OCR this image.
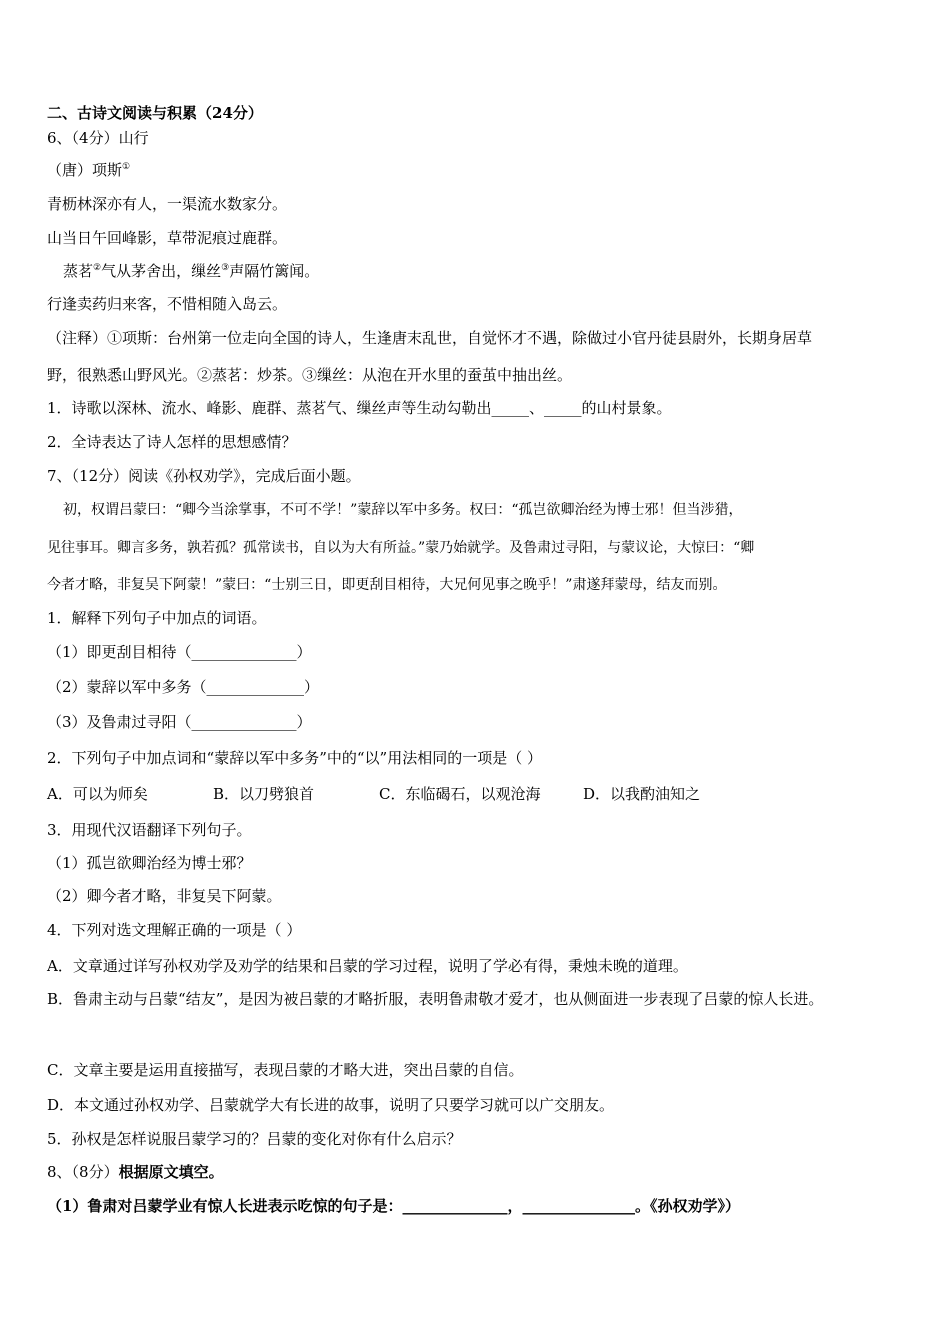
二、古诗文阅读与积累（24分）
6、（4分）山行
（唐）项斯①
青枥林深亦有人，一渠流水数家分。
山当日午回峰影，草带泥痕过鹿群。
蒸茗②气从茅舍出，缫丝③声隔竹篱闻。
行逢卖药归来客，不惜相随入岛云。
（注释）①项斯：台州第一位走向全国的诗人，生逢唐末乱世，自觉怀才不遇，除做过小官丹徒县尉外，长期身居草
野，很熟悉山野风光。②蒸茗：炒茶。③缫丝：从泡在开水里的蚕茧中抽出丝。
1．诗歌以深林、流水、峰影、鹿群、蒸茗气、缫丝声等生动勾勒出_____、_____的山村景象。
2．全诗表达了诗人怎样的思想感情？
7、（12分）阅读《孙权劝学》，完成后面小题。
初，权谓吕蒙曰：“卿今当涂掌事，不可不学！”蒙辞以军中多务。权曰：“孤岂欲卿治经为博士邪！但当涉猎，
见往事耳。卿言多务，孰若孤？孤常读书，自以为大有所益。”蒙乃始就学。及鲁肃过寻阳，与蒙议论，大惊曰：“卿
今者才略，非复吴下阿蒙！”蒙曰：“士别三日，即更刮目相待，大兄何见事之晚乎！”肃遂拜蒙母，结友而别。
1．解释下列句子中加点的词语。
（1）即更刮目相待（______________）
（2）蒙辞以军中多务（_____________）
（3）及鲁肃过寻阳（______________）
2．下列句子中加点词和“蒙辞以军中多务”中的“以”用法相同的一项是（ ）
A．可以为师矣	B．以刀劈狼首	C．东临碣石，以观沧海	D．以我酌油知之
3．用现代汉语翻译下列句子。
（1）孤岂欲卿治经为博士邪？
（2）卿今者才略，非复吴下阿蒙。
4．下列对选文理解正确的一项是（ ）
A．文章通过详写孙权劝学及劝学的结果和吕蒙的学习过程，说明了学必有得，秉烛未晚的道理。
B．鲁肃主动与吕蒙“结友”，是因为被吕蒙的才略折服，表明鲁肃敬才爱才，也从侧面进一步表现了吕蒙的惊人长进。
C．文章主要是运用直接描写，表现吕蒙的才略大进，突出吕蒙的自信。
D．本文通过孙权劝学、吕蒙就学大有长进的故事，说明了只要学习就可以广交朋友。
5．孙权是怎样说服吕蒙学习的？吕蒙的变化对你有什么启示？
8、（8分）根据原文填空。
（1）鲁肃对吕蒙学业有惊人长进表示吃惊的句子是：______________，_______________。《孙权劝学》）
